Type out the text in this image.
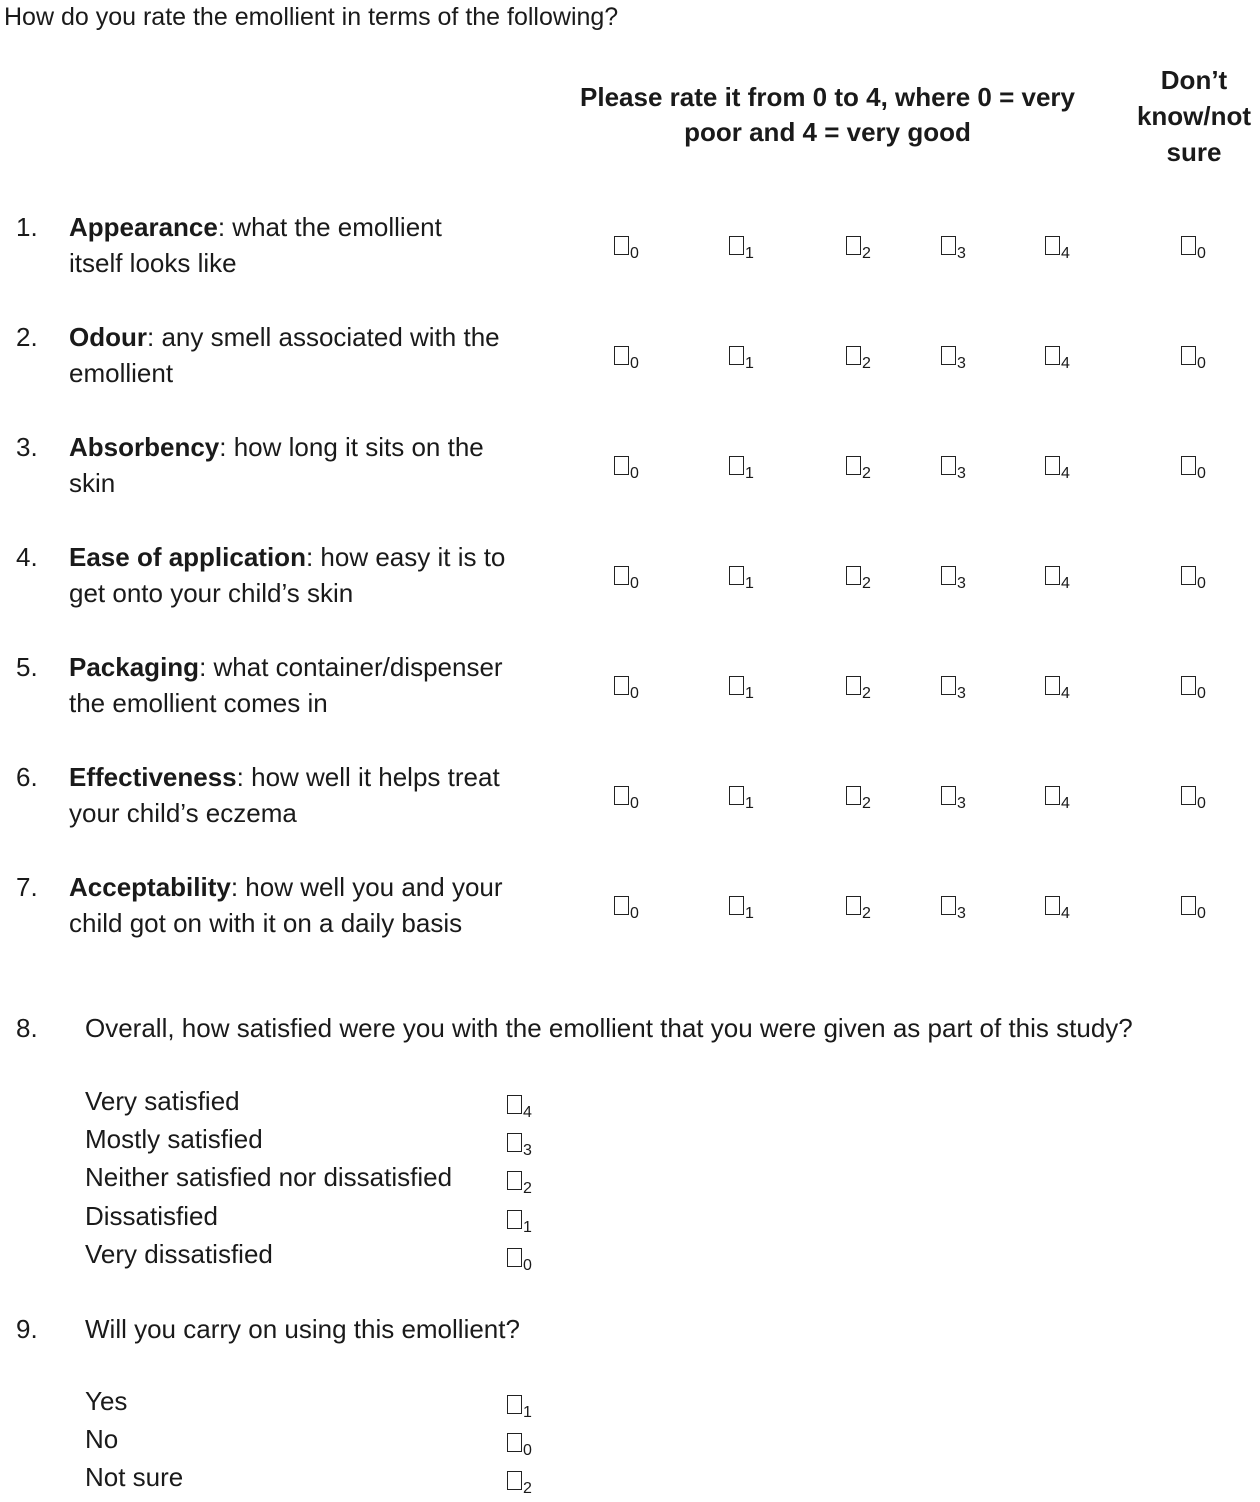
How do you rate the emollient in terms of the following?
Please rate it from 0 to 4, where 0 = very
poor and 4 = very good
Don’t
know/not
sure
1. Appearance: what the emollient
itself looks like	0	1	2	3	4	0
2. Odour: any smell associated with the
emollient	0	1	2	3	4	0
3. Absorbency: how long it sits on the
skin	0	1	2	3	4	0
4. Ease of application: how easy it is to
get onto your child’s skin	0	1	2	3	4	0
5. Packaging: what container/dispenser
the emollient comes in	0	1	2	3	4	0
6. Effectiveness: how well it helps treat
your child’s eczema	0	1	2	3	4	0
7. Acceptability: how well you and your
child got on with it on a daily basis	0	1	2	3	4	0
8. Overall, how satisfied were you with the emollient that you were given as part of this study?
Very satisfied	4
Mostly satisfied	3
Neither satisfied nor dissatisfied	2
Dissatisfied	1
Very dissatisfied	0
9. Will you carry on using this emollient?
Yes	1
No	0
Not sure	2
